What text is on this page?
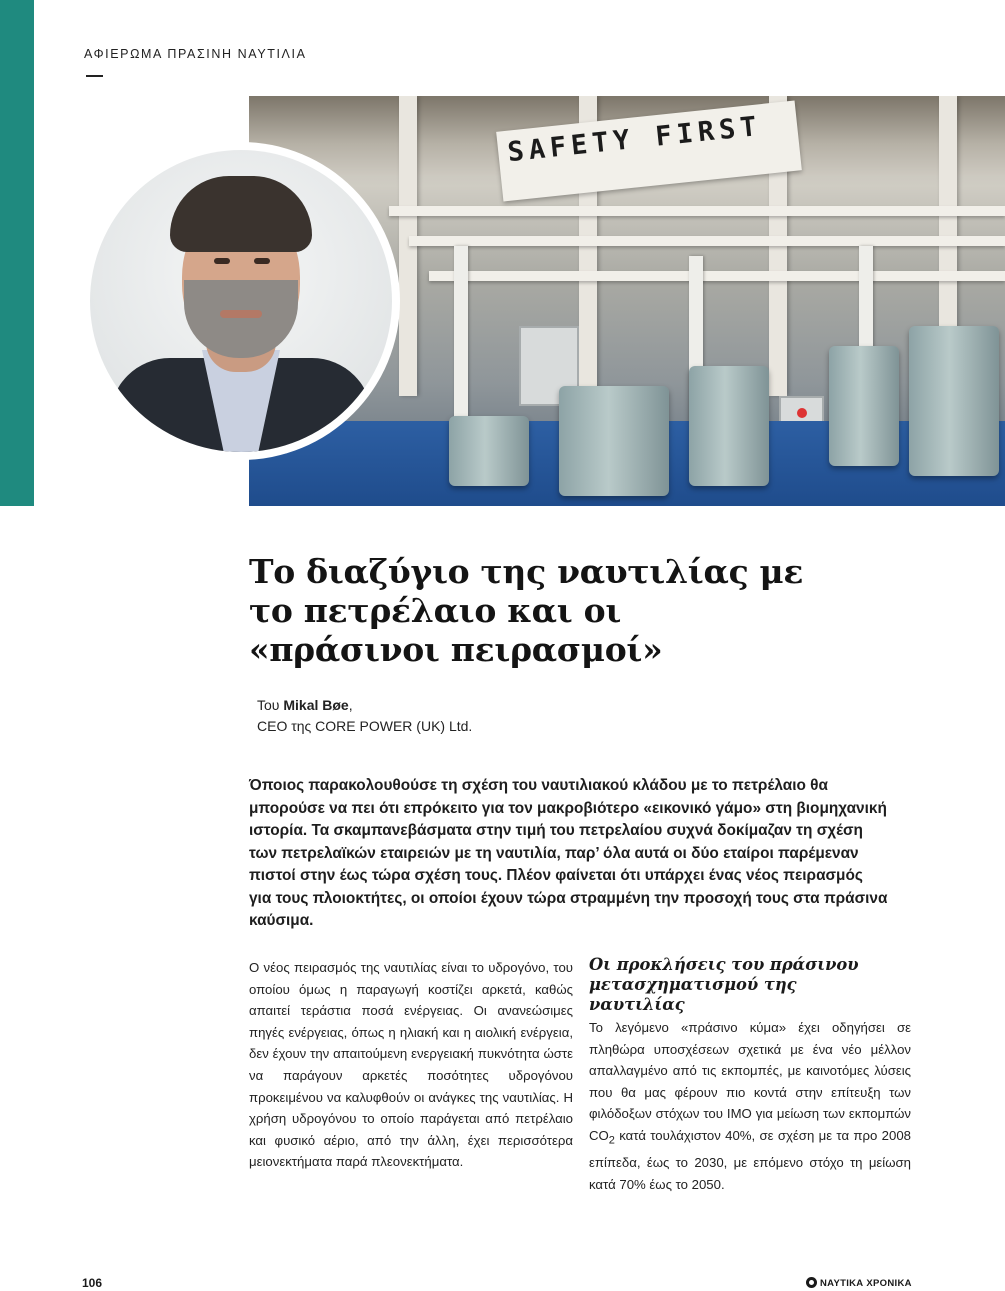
ΑΦΙΕΡΩΜΑ ΠΡΑΣΙΝΗ ΝΑΥΤΙΛΙΑ
SAFETY FIRST
Το διαζύγιο της ναυτιλίας με το πετρέλαιο και οι «πράσινοι πειρασμοί»
Του Mikal Bøe,
CEO της CORE POWER (UK) Ltd.

Όποιος παρακολουθούσε τη σχέση του ναυτιλιακού κλάδου με το πετρέλαιο θα μπορούσε να πει ότι επρόκειτο για τον μακροβιότερο «εικονικό γάμο» στη βιομηχανική ιστορία. Τα σκαμπανεβάσματα στην τιμή του πετρελαίου συχνά δοκίμαζαν τη σχέση των πετρελαϊκών εταιρειών με τη ναυτιλία, παρ’ όλα αυτά οι δύο εταίροι παρέμεναν πιστοί στην έως τώρα σχέση τους. Πλέον φαίνεται ότι υπάρχει ένας νέος πειρασμός για τους πλοιοκτήτες, οι οποίοι έχουν τώρα στραμμένη την προσοχή τους στα πράσινα καύσιμα.

Ο νέος πειρασμός της ναυτιλίας είναι το υδρογόνο, του οποίου όμως η παραγωγή κοστίζει αρκετά, καθώς απαιτεί τεράστια ποσά ενέργειας. Οι ανανεώσιμες πηγές ενέργειας, όπως η ηλιακή και η αιολική ενέργεια, δεν έχουν την απαιτούμενη ενεργειακή πυκνότητα ώστε να παράγουν αρκετές ποσότητες υδρογόνου προκειμένου να καλυφθούν οι ανάγκες της ναυτιλίας. Η χρήση υδρογόνου το οποίο παράγεται από πετρέλαιο και φυσικό αέριο, από την άλλη, έχει περισσότερα μειονεκτήματα παρά πλεονεκτήματα.

Οι προκλήσεις του πράσινου μετασχηματισμού της ναυτιλίας

Το λεγόμενο «πράσινο κύμα» έχει οδηγήσει σε πληθώρα υποσχέσεων σχετικά με ένα νέο μέλλον απαλλαγμένο από τις εκπομπές, με καινοτόμες λύσεις που θα μας φέρουν πιο κοντά στην επίτευξη των φιλόδοξων στόχων του IMO για μείωση των εκπομπών $CO_2$ κατά τουλάχιστον 40%, σε σχέση με τα προ 2008 επίπεδα, έως το 2030, με επόμενο στόχο τη μείωση κατά 70% έως το 2050.

106	ΝΑΥΤΙΚΑ ΧΡΟΝΙΚΑ
